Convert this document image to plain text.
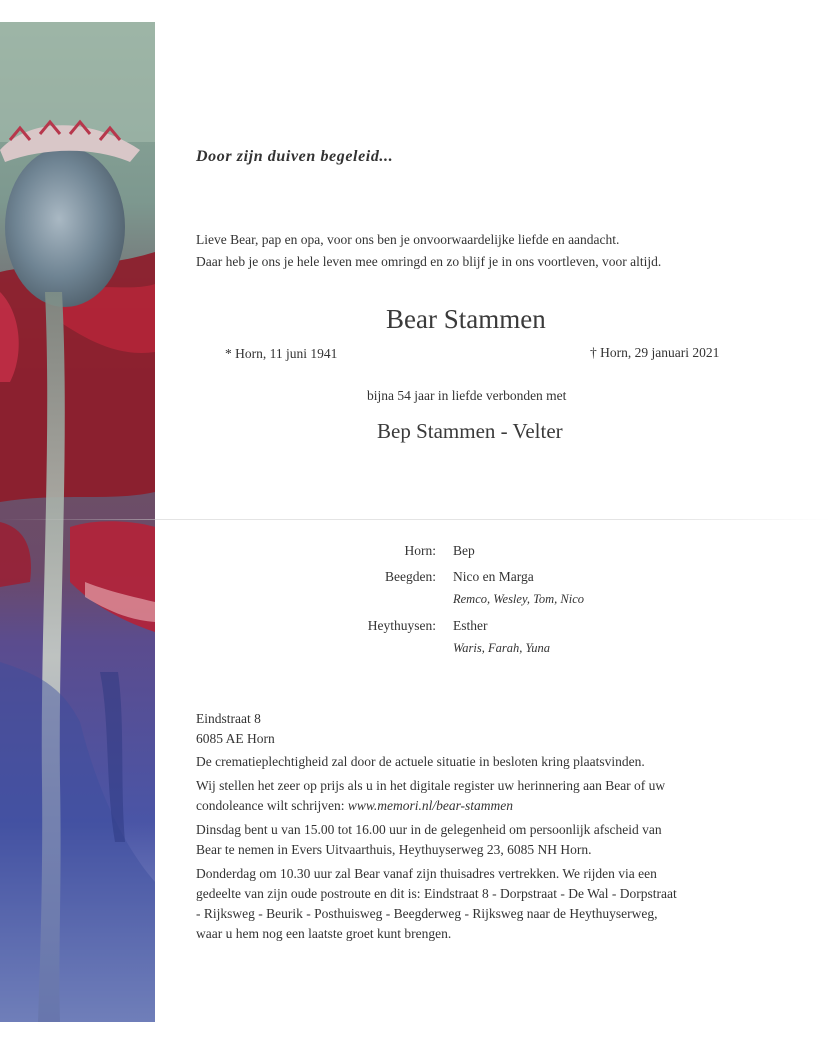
Door zijn duiven begeleid...
Lieve Bear, pap en opa, voor ons ben je onvoorwaardelijke liefde en aandacht.
Daar heb je ons je hele leven mee omringd en zo blijf je in ons voortleven, voor altijd.
Bear Stammen
* Horn, 11 juni 1941	† Horn, 29 januari 2021
bijna 54 jaar in liefde verbonden met
Bep Stammen - Velter
Horn: Bep
Beegden: Nico en Marga
Remco, Wesley, Tom, Nico
Heythuysen: Esther
Waris, Farah, Yuna
Eindstraat 8
6085 AE Horn
De crematieplechtigheid zal door de actuele situatie in besloten kring plaatsvinden.
Wij stellen het zeer op prijs als u in het digitale register uw herinnering aan Bear of uw
condoleance wilt schrijven: www.memori.nl/bear-stammen
Dinsdag bent u van 15.00 tot 16.00 uur in de gelegenheid om persoonlijk afscheid van
Bear te nemen in Evers Uitvaarthuis, Heythuyserweg 23, 6085 NH Horn.
Donderdag om 10.30 uur zal Bear vanaf zijn thuisadres vertrekken. We rijden via een
gedeelte van zijn oude postroute en dit is: Eindstraat 8 - Dorpstraat - De Wal - Dorpstraat
- Rijksweg - Beurik - Posthuisweg - Beegderweg - Rijksweg naar de Heythuyserweg,
waar u hem nog een laatste groet kunt brengen.
